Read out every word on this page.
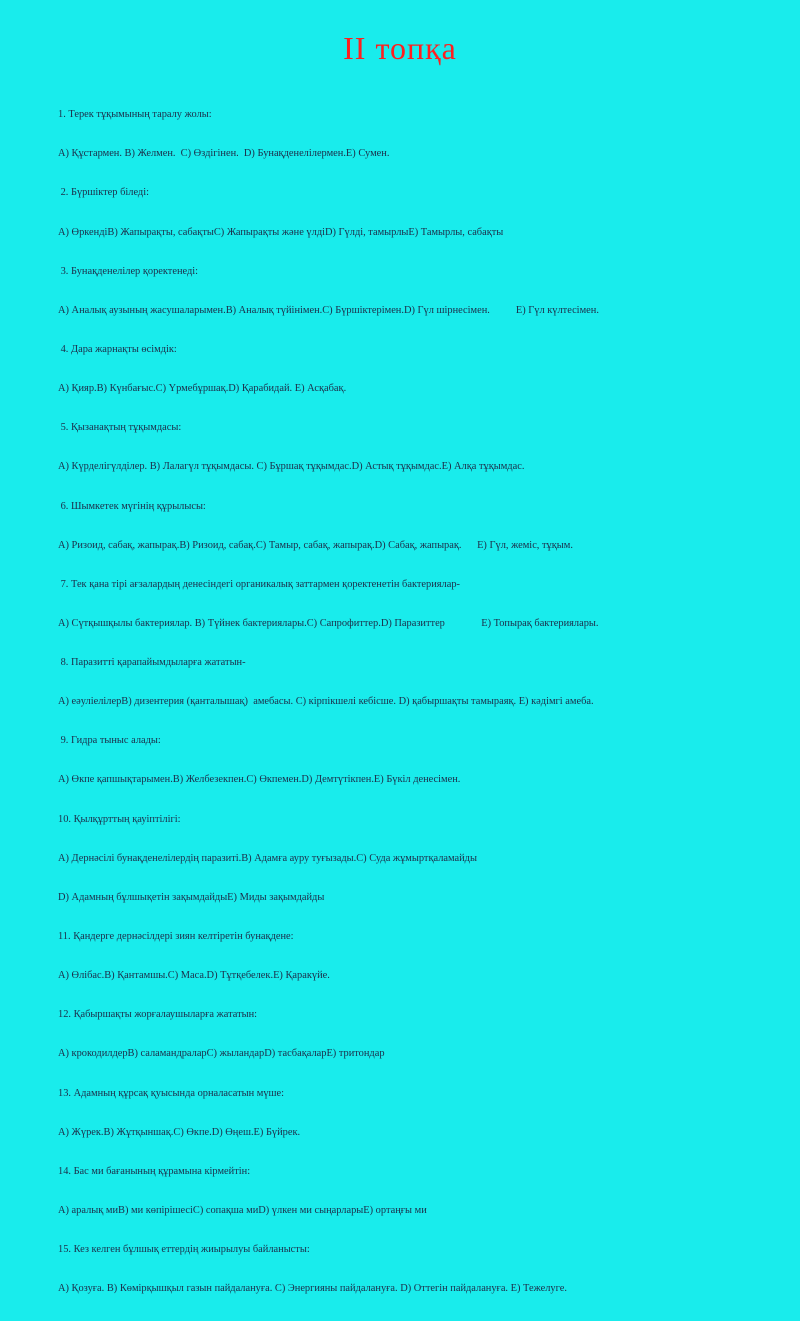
ІІ топқа

1. Терек тұқымының таралу жолы:

А) Құстармен. В) Желмен.  С) Өздігінен.  D) Бунақденелілермен.Е) Сумен.

2. Бүршіктер біледі:

А) ӨркендіВ) Жапырақты, сабақтыС) Жапырақты және үлдіD) Гүлді, тамырлыЕ) Тамырлы, сабақты

3. Бунақденелілер қоректенеді:

А) Аналық аузының жасушаларымен.В) Аналық түйінімен.С) Бүршіктерімен.D) Гүл шірнесімен.          Е) Гүл күлтесімен.

4. Дара жарнақты өсімдік:

А) Қияр.В) Күнбағыс.С) Үрмебұршақ.D) Қарабидай. Е) Асқабақ.

5. Қызанақтың тұқымдасы:

А) Күрделігүлділер. В) Лалагүл тұқымдасы. С) Бұршақ тұқымдас.D) Астық тұқымдас.Е) Алқа тұқымдас.

6. Шымкетек мүгінің құрылысы:

А) Ризоид, сабақ, жапырақ.В) Ризоид, сабақ.С) Тамыр, сабақ, жапырақ.D) Сабақ, жапырақ.      Е) Гүл, жеміс, тұқым.

7. Тек қана тірі ағзалардың денесіндегі органикалық заттармен қоректенетін бактериялар-

А) Сүтқышқылы бактериялар. В) Түйнек бактериялары.С) Сапрофиттер.D) Паразиттер              Е) Топырақ бактериялары.

8. Паразитті қарапайымдыларға жататын-

А) еәуліелілерВ) дизентерия (қанталышақ)  амебасы. С) кірпікшелі кебісше. D) қабыршақты тамыраяқ. Е) кәдімгі амеба.

9. Гидра тыныс алады:

А) Өкпе қапшықтарымен.В) Желбезекпен.С) Өкпемен.D) Демтүтікпен.Е) Бүкіл денесімен.

10. Қылқұрттың қауіптілігі:

А) Дернәсілі бунақденелілердің паразиті.В) Адамға ауру туғызады.С) Суда жұмыртқаламайды

D) Адамның бұлшықетін зақымдайдыЕ) Миды зақымдайды

11. Қандерге дернәсілдері зиян келтіретін бунақдене:

А) Өлібас.В) Қантамшы.С) Маса.D) Тұтқебелек.Е) Қаракүйе.

12. Қабыршақты жорғалаушыларға жататын:

А) крокодилдерВ) саламандраларС) жыландарD) тасбақаларЕ) тритондар

13. Адамның құрсақ қуысында орналасатын мүше:

А) Жүрек.В) Жұтқыншақ.С) Өкпе.D) Өңеш.Е) Бүйрек.

14. Бас ми бағанының құрамына кірмейтін:

А) аралық миВ) ми көпірішесіС) сопақша миD) үлкен ми сыңарларыЕ) ортаңғы ми

15. Кез келген бұлшық еттердің жиырылуы байланысты:

А) Қозуға. В) Көмірқышқыл газын пайдалануға. С) Энергияны пайдалануға. D) Оттегін пайдалануға. Е) Тежелуге.
